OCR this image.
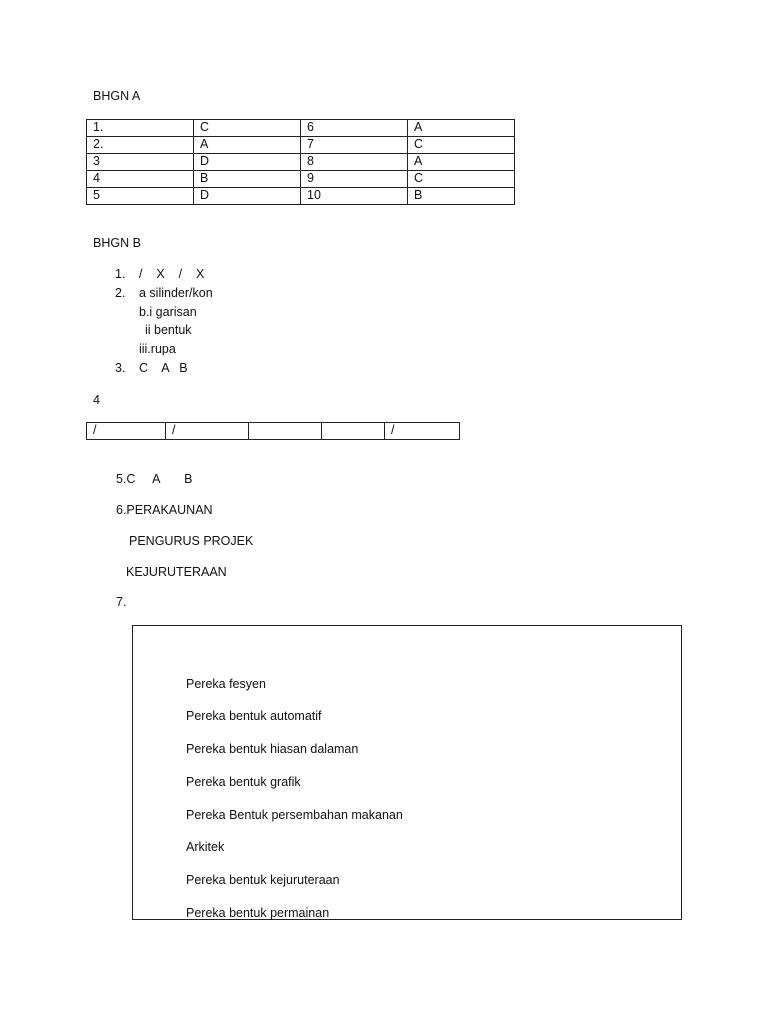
BHGN A
1.	C	6	A
2.	A	7	C
3	D	8	A
4	B	9	C
5	D	10	B
BHGN B
1. /    X    /    X
2. a silinder/kon
b.i garisan
ii bentuk
iii.rupa
3. C    A   B
4
/	/			/
5.C     A       B
6.PERAKAUNAN
PENGURUS PROJEK
KEJURUTERAAN
7.
Pereka fesyen
Pereka bentuk automatif
Pereka bentuk hiasan dalaman
Pereka bentuk grafik
Pereka Bentuk persembahan makanan
Arkitek
Pereka bentuk kejuruteraan
Pereka bentuk permainan
